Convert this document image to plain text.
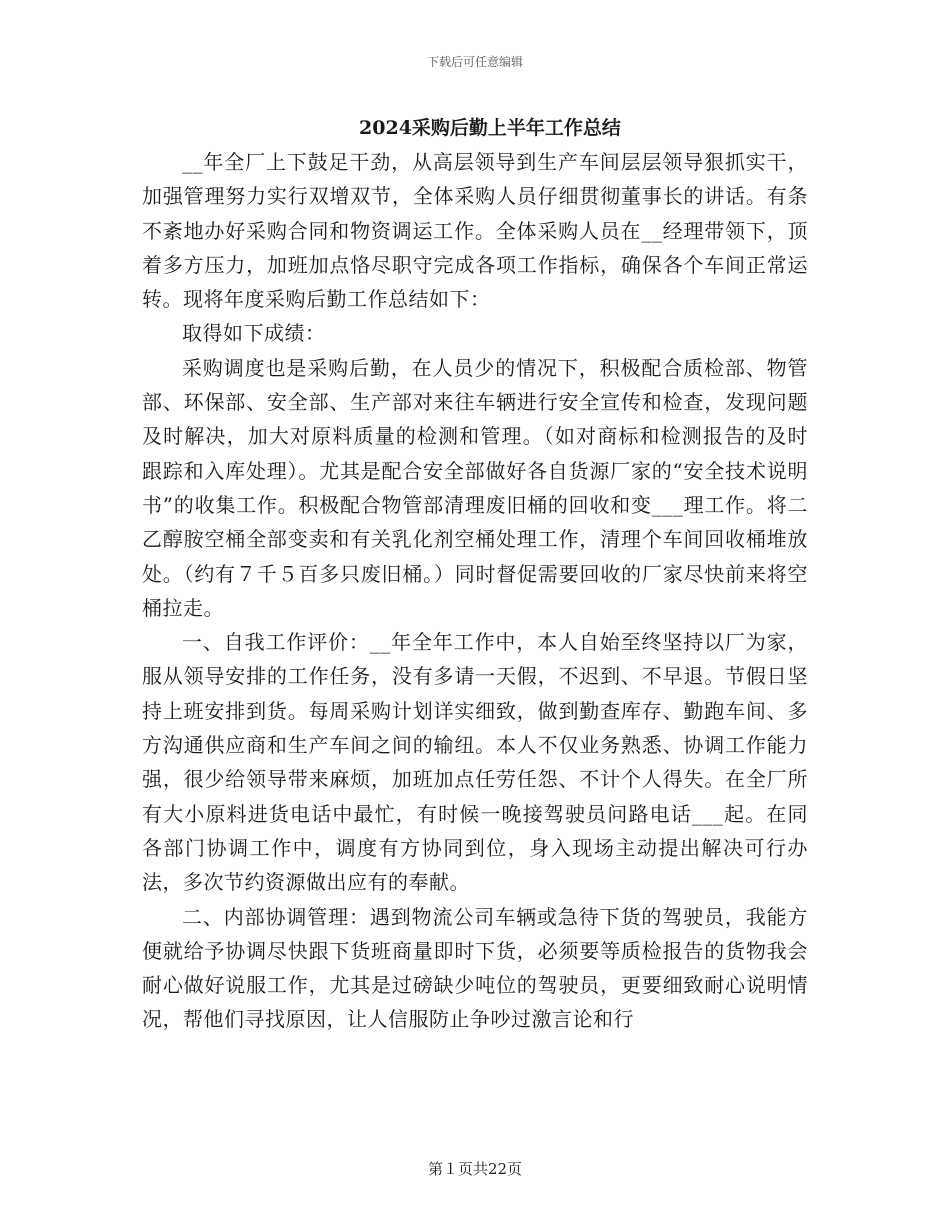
下载后可任意编辑
2024采购后勤上半年工作总结

__年全厂上下鼓足干劲，从高层领导到生产车间层层领导狠抓实干，加强管理努力实行双增双节，全体采购人员仔细贯彻董事长的讲话。有条不紊地办好采购合同和物资调运工作。全体采购人员在__经理带领下，顶着多方压力，加班加点恪尽职守完成各项工作指标，确保各个车间正常运转。现将年度采购后勤工作总结如下：

取得如下成绩：

采购调度也是采购后勤，在人员少的情况下，积极配合质检部、物管部、环保部、安全部、生产部对来往车辆进行安全宣传和检查，发现问题及时解决，加大对原料质量的检测和管理。（如对商标和检测报告的及时跟踪和入库处理）。尤其是配合安全部做好各自货源厂家的“安全技术说明书”的收集工作。积极配合物管部清理废旧桶的回收和变___理工作。将二乙醇胺空桶全部变卖和有关乳化剂空桶处理工作，清理个车间回收桶堆放处。（约有７千５百多只废旧桶。）同时督促需要回收的厂家尽快前来将空桶拉走。

一、自我工作评价：__年全年工作中，本人自始至终坚持以厂为家，服从领导安排的工作任务，没有多请一天假，不迟到、不早退。节假日坚持上班安排到货。每周采购计划详实细致，做到勤查库存、勤跑车间、多方沟通供应商和生产车间之间的输纽。本人不仅业务熟悉、协调工作能力强，很少给领导带来麻烦，加班加点任劳任怨、不计个人得失。在全厂所有大小原料进货电话中最忙，有时候一晚接驾驶员问路电话___起。在同各部门协调工作中，调度有方协同到位，身入现场主动提出解决可行办法，多次节约资源做出应有的奉献。

二、内部协调管理：遇到物流公司车辆或急待下货的驾驶员，我能方便就给予协调尽快跟下货班商量即时下货，必须要等质检报告的货物我会耐心做好说服工作，尤其是过磅缺少吨位的驾驶员，更要细致耐心说明情况，帮他们寻找原因，让人信服防止争吵过激言论和行

第１页共22页
